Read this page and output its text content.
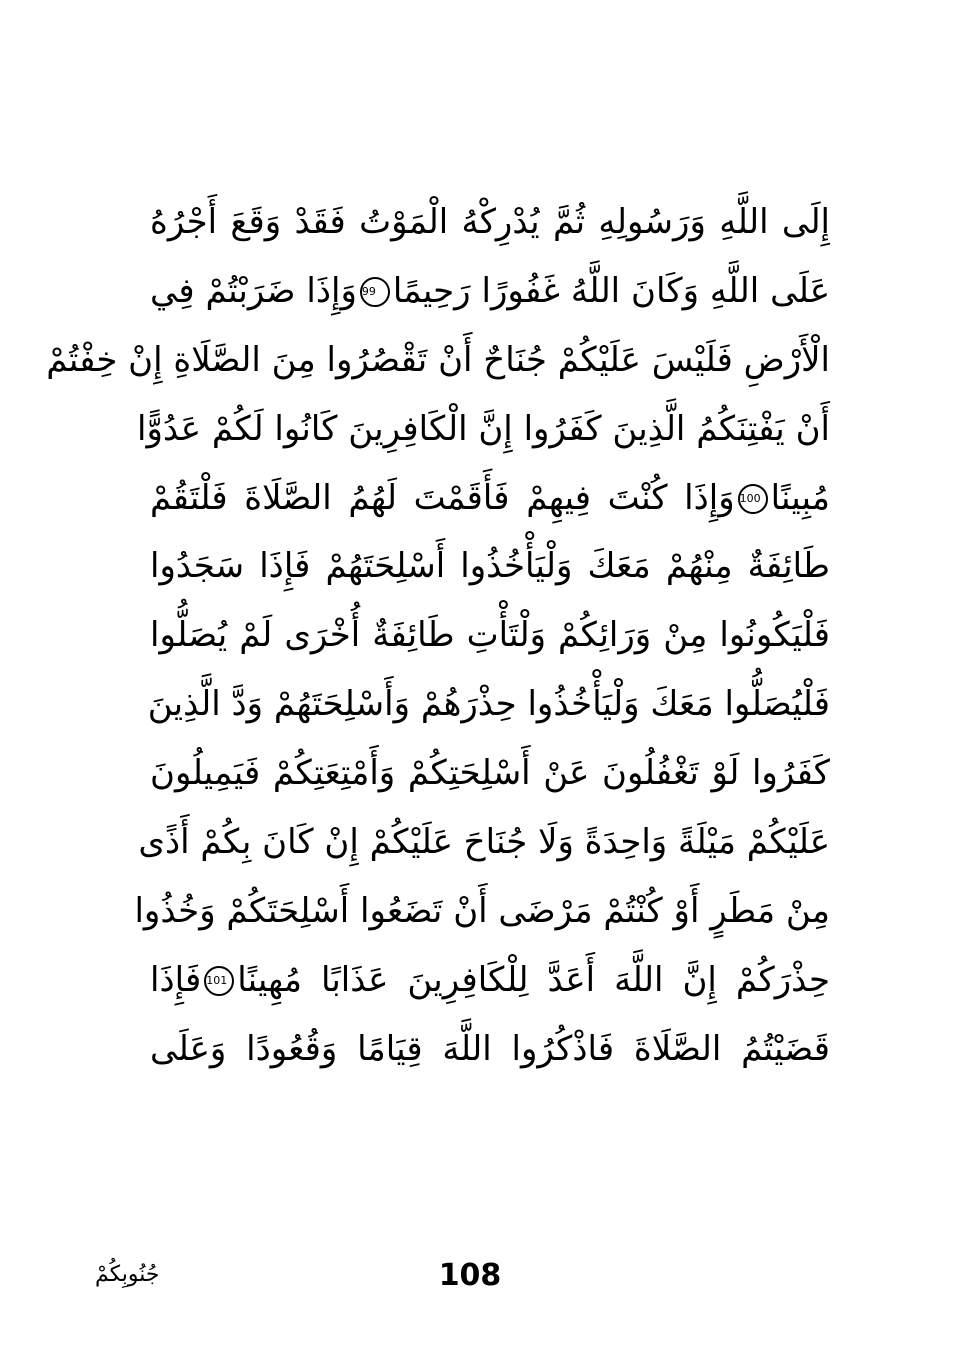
إِلَى اللَّهِ وَرَسُولِهِ ثُمَّ يُدْرِكْهُ الْمَوْتُ فَقَدْ وَقَعَ أَجْرُهُ
عَلَى اللَّهِ وَكَانَ اللَّهُ غَفُورًا رَحِيمًا99وَإِذَا ضَرَبْتُمْ فِي
الْأَرْضِ فَلَيْسَ عَلَيْكُمْ جُنَاحٌ أَنْ تَقْصُرُوا مِنَ الصَّلَاةِ إِنْ خِفْتُمْ
أَنْ يَفْتِنَكُمُ الَّذِينَ كَفَرُوا إِنَّ الْكَافِرِينَ كَانُوا لَكُمْ عَدُوًّا
مُبِينًا100وَإِذَا كُنْتَ فِيهِمْ فَأَقَمْتَ لَهُمُ الصَّلَاةَ فَلْتَقُمْ
طَائِفَةٌ مِنْهُمْ مَعَكَ وَلْيَأْخُذُوا أَسْلِحَتَهُمْ فَإِذَا سَجَدُوا
فَلْيَكُونُوا مِنْ وَرَائِكُمْ وَلْتَأْتِ طَائِفَةٌ أُخْرَى لَمْ يُصَلُّوا
فَلْيُصَلُّوا مَعَكَ وَلْيَأْخُذُوا حِذْرَهُمْ وَأَسْلِحَتَهُمْ وَدَّ الَّذِينَ
كَفَرُوا لَوْ تَغْفُلُونَ عَنْ أَسْلِحَتِكُمْ وَأَمْتِعَتِكُمْ فَيَمِيلُونَ
عَلَيْكُمْ مَيْلَةً وَاحِدَةً وَلَا جُنَاحَ عَلَيْكُمْ إِنْ كَانَ بِكُمْ أَذًى
مِنْ مَطَرٍ أَوْ كُنْتُمْ مَرْضَى أَنْ تَضَعُوا أَسْلِحَتَكُمْ وَخُذُوا
حِذْرَكُمْ إِنَّ اللَّهَ أَعَدَّ لِلْكَافِرِينَ عَذَابًا مُهِينًا101فَإِذَا
قَضَيْتُمُ الصَّلَاةَ فَاذْكُرُوا اللَّهَ قِيَامًا وَقُعُودًا وَعَلَى
جُنُوبِكُمْ	108
